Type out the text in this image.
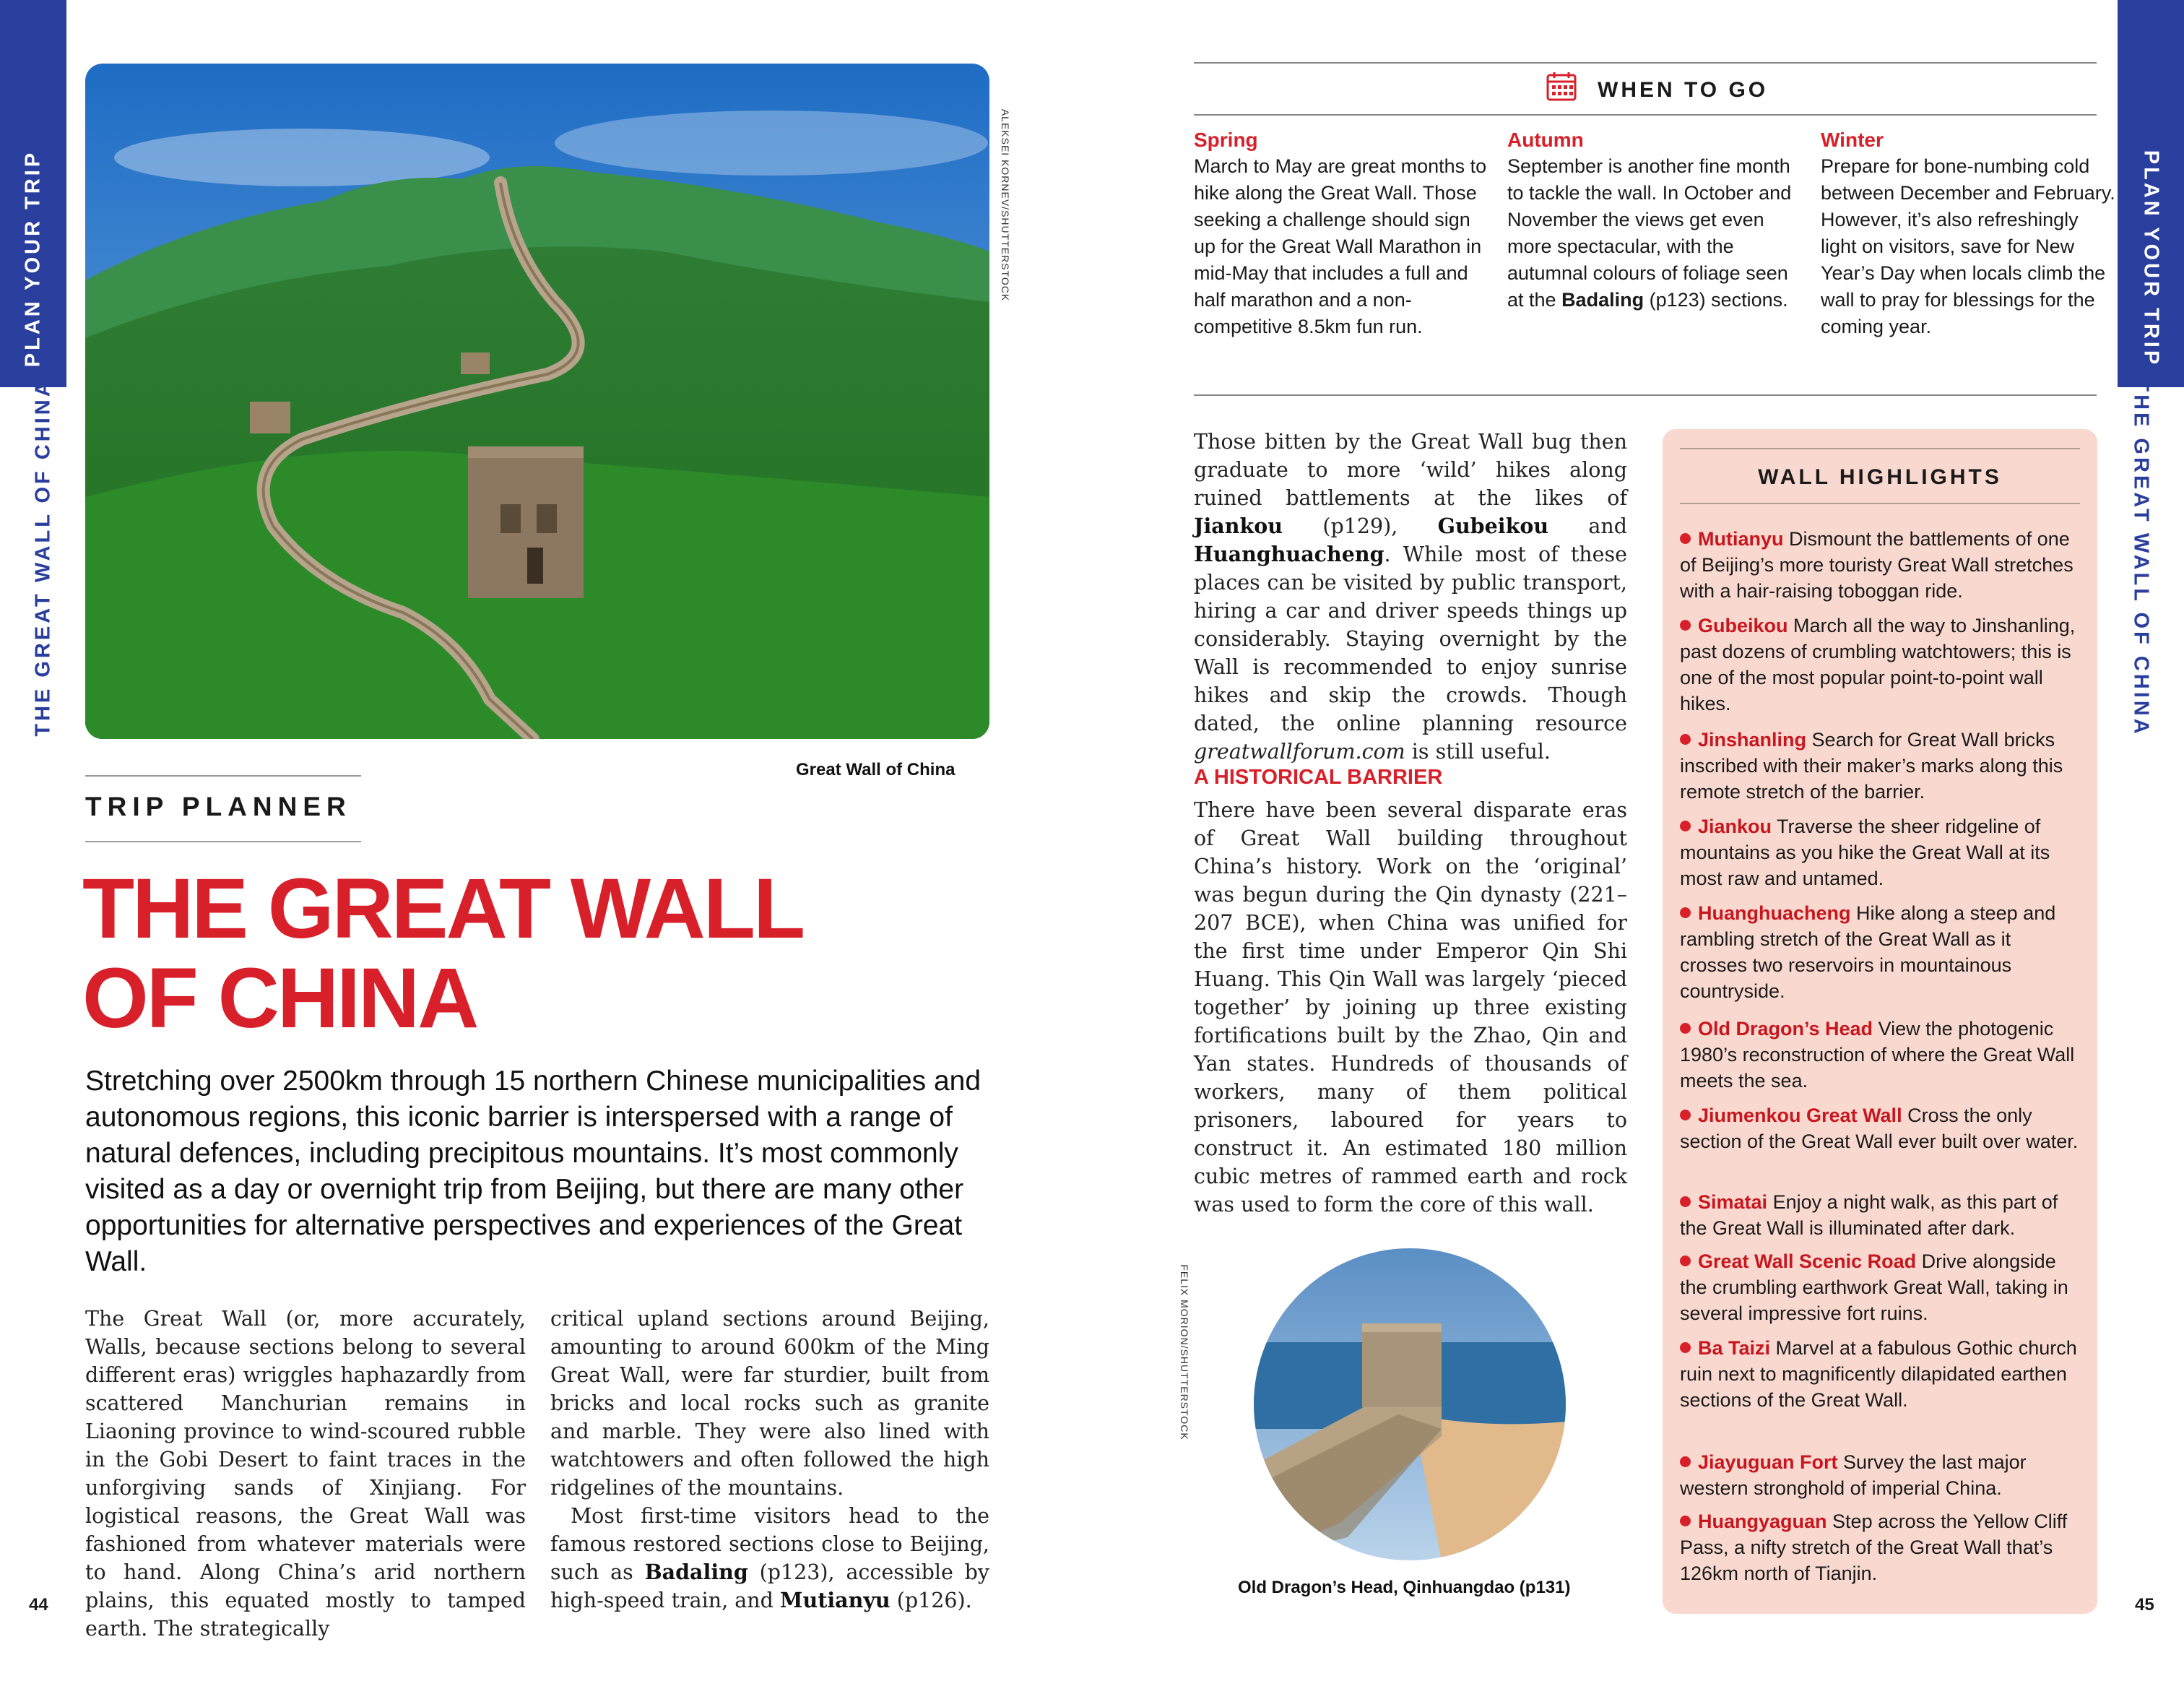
PLAN YOUR TRIP
THE GREAT WALL OF CHINA
44
ALEKSEI KORNEV/SHUTTERSTOCK
Great Wall of China
TRIP PLANNER
THE GREAT WALL
OF CHINA
Stretching over 2500km through 15 northern Chinese municipalities and autonomous regions, this iconic barrier is interspersed with a range of natural defences, including precipitous mountains. It’s most commonly visited as a day or overnight trip from Beijing, but there are many other opportunities for alternative perspectives and experiences of the Great Wall.
The Great Wall (or, more accurately, Walls, because sections belong to several different eras) wriggles haphazardly from scattered Manchurian remains in Liaoning province to wind-scoured rubble in the Gobi Desert to faint traces in the unforgiving sands of Xinjiang. For logistical reasons, the Great Wall was fashioned from whatever materials were to hand. Along China’s arid northern plains, this equated mostly to tamped earth. The strategically
critical upland sections around Beijing, amounting to around 600km of the Ming Great Wall, were far sturdier, built from bricks and local rocks such as granite and marble. They were also lined with watchtowers and often followed the high ridgelines of the mountains.
Most first-time visitors head to the famous restored sections close to Beijing, such as Badaling (p123), accessible by high-speed train, and Mutianyu (p126).
WHEN TO GO
Spring
March to May are great months to hike along the Great Wall. Those seeking a challenge should sign up for the Great Wall Marathon in mid-May that includes a full and half marathon and a non-competitive 8.5km fun run.
Autumn
September is another fine month to tackle the wall. In October and November the views get even more spectacular, with the autumnal colours of foliage seen at the Badaling (p123) sections.
Winter
Prepare for bone-numbing cold between December and February. However, it’s also refreshingly light on visitors, save for New Year’s Day when locals climb the wall to pray for blessings for the coming year.
Those bitten by the Great Wall bug then graduate to more ‘wild’ hikes along ruined battlements at the likes of Jiankou (p129), Gubeikou and Huanghuacheng. While most of these places can be visited by public transport, hiring a car and driver speeds things up considerably. Staying overnight by the Wall is recommended to enjoy sunrise hikes and skip the crowds. Though dated, the online planning resource greatwallforum.com is still useful.
A HISTORICAL BARRIER
There have been several disparate eras of Great Wall building throughout China’s history. Work on the ‘original’ was begun during the Qin dynasty (221–207 BCE), when China was unified for the first time under Emperor Qin Shi Huang. This Qin Wall was largely ‘pieced together’ by joining up three existing fortifications built by the Zhao, Qin and Yan states. Hundreds of thousands of workers, many of them political prisoners, laboured for years to construct it. An estimated 180 million cubic metres of rammed earth and rock was used to form the core of this wall.
FELIX MORION/SHUTTERSTOCK
Old Dragon’s Head, Qinhuangdao (p131)
WALL HIGHLIGHTS
Mutianyu Dismount the battlements of one of Beijing’s more touristy Great Wall stretches with a hair-raising toboggan ride.
Gubeikou March all the way to Jinshanling, past dozens of crumbling watchtowers; this is one of the most popular point-to-point wall hikes.
Jinshanling Search for Great Wall bricks inscribed with their maker’s marks along this remote stretch of the barrier.
Jiankou Traverse the sheer ridgeline of mountains as you hike the Great Wall at its most raw and untamed.
Huanghuacheng Hike along a steep and rambling stretch of the Great Wall as it crosses two reservoirs in mountainous countryside.
Old Dragon’s Head View the photogenic 1980’s reconstruction of where the Great Wall meets the sea.
Jiumenkou Great Wall Cross the only section of the Great Wall ever built over water.
Simatai Enjoy a night walk, as this part of the Great Wall is illuminated after dark.
Great Wall Scenic Road Drive alongside the crumbling earthwork Great Wall, taking in several impressive fort ruins.
Ba Taizi Marvel at a fabulous Gothic church ruin next to magnificently dilapidated earthen sections of the Great Wall.
Jiayuguan Fort Survey the last major western stronghold of imperial China.
Huangyaguan Step across the Yellow Cliff Pass, a nifty stretch of the Great Wall that’s 126km north of Tianjin.
PLAN YOUR TRIP
THE GREAT WALL OF CHINA
45
